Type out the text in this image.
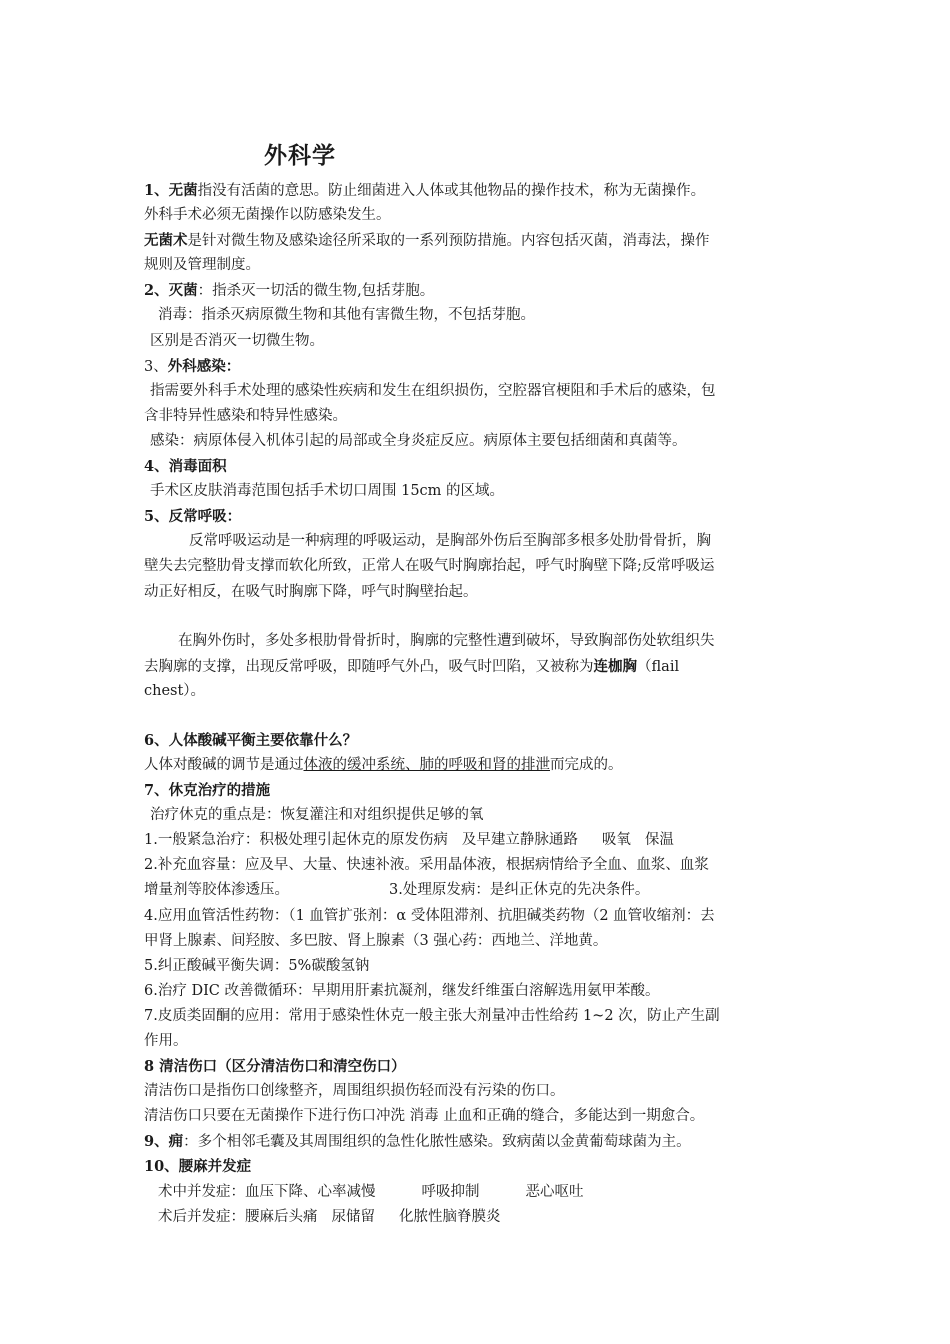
外科学
1、无菌指没有活菌的意思。防止细菌进入人体或其他物品的操作技术，称为无菌操作。
外科手术必须无菌操作以防感染发生。
无菌术是针对微生物及感染途径所采取的一系列预防措施。内容包括灭菌，消毒法，操作
规则及管理制度。
2、灭菌：指杀灭一切活的微生物,包括芽胞。
消毒：指杀灭病原微生物和其他有害微生物，不包括芽胞。
区别是否消灭一切微生物。
3、外科感染：
指需要外科手术处理的感染性疾病和发生在组织损伤，空腔器官梗阻和手术后的感染，包
含非特异性感染和特异性感染。
感染：病原体侵入机体引起的局部或全身炎症反应。病原体主要包括细菌和真菌等。
4、消毒面积
手术区皮肤消毒范围包括手术切口周围 15cm 的区域。
5、反常呼吸：
反常呼吸运动是一种病理的呼吸运动，是胸部外伤后至胸部多根多处肋骨骨折，胸
壁失去完整肋骨支撑而软化所致，正常人在吸气时胸廓抬起，呼气时胸壁下降;反常呼吸运
动正好相反，在吸气时胸廓下降，呼气时胸壁抬起。
在胸外伤时，多处多根肋骨骨折时，胸廓的完整性遭到破坏，导致胸部伤处软组织失
去胸廓的支撑，出现反常呼吸，即随呼气外凸，吸气时凹陷，又被称为连枷胸（flail
chest）。
6、人体酸碱平衡主要依靠什么？
人体对酸碱的调节是通过体液的缓冲系统、肺的呼吸和肾的排泄而完成的。
7、休克治疗的措施
治疗休克的重点是：恢复灌注和对组织提供足够的氧
1.一般紧急治疗：积极处理引起休克的原发伤病 及早建立静脉通路 吸氧 保温
2.补充血容量：应及早、大量、快速补液。采用晶体液，根据病情给予全血、血浆、血浆
增量剂等胶体渗透压。	3.处理原发病：是纠正休克的先决条件。
4.应用血管活性药物：（1 血管扩张剂：α 受体阻滞剂、抗胆碱类药物（2 血管收缩剂：去
甲肾上腺素、间羟胺、多巴胺、肾上腺素（3 强心药：西地兰、洋地黄。
5.纠正酸碱平衡失调：5%碳酸氢钠
6.治疗 DIC 改善微循环：早期用肝素抗凝剂，继发纤维蛋白溶解选用氨甲苯酸。
7.皮质类固酮的应用：常用于感染性休克一般主张大剂量冲击性给药 1~2 次，防止产生副
作用。
8 清洁伤口（区分清洁伤口和清空伤口）
清洁伤口是指伤口创缘整齐，周围组织损伤轻而没有污染的伤口。
清洁伤口只要在无菌操作下进行伤口冲洗 消毒 止血和正确的缝合，多能达到一期愈合。
9、痈：多个相邻毛囊及其周围组织的急性化脓性感染。致病菌以金黄葡萄球菌为主。
10、腰麻并发症
术中并发症：血压下降、心率减慢	呼吸抑制	恶心呕吐
术后并发症：腰麻后头痛 尿储留 化脓性脑脊膜炎
